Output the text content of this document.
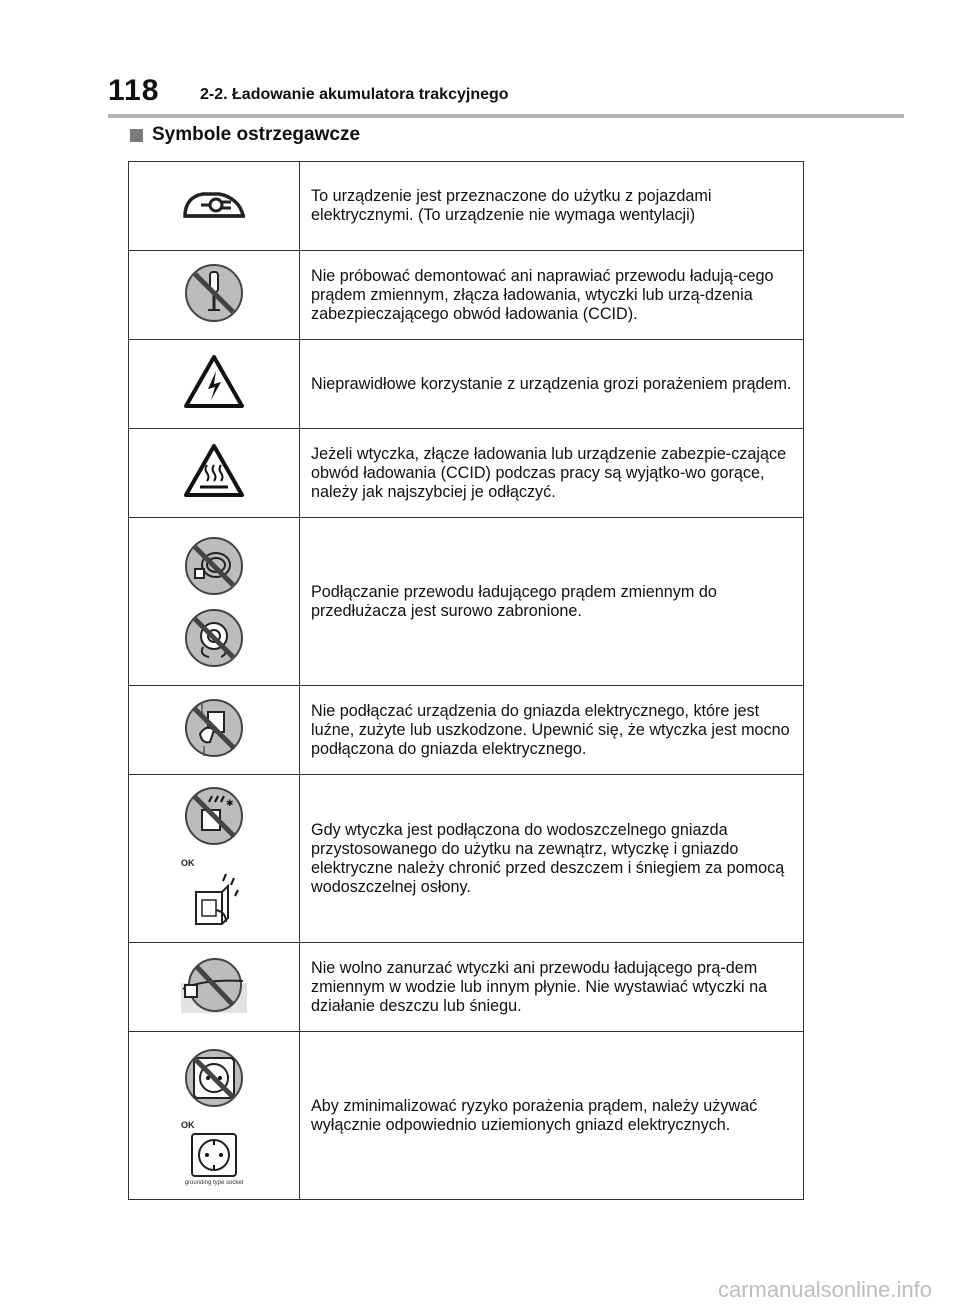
118	2-2. Ładowanie akumulatora trakcyjnego
Symbole ostrzegawcze
	To urządzenie jest przeznaczone do użytku z pojazdami elektrycznymi. (To urządzenie nie wymaga wentylacji)
	Nie próbować demontować ani naprawiać przewodu ładują-cego prądem zmiennym, złącza ładowania, wtyczki lub urzą-dzenia zabezpieczającego obwód ładowania (CCID).
	Nieprawidłowe korzystanie z urządzenia grozi porażeniem prądem.
	Jeżeli wtyczka, złącze ładowania lub urządzenie zabezpie-czające obwód ładowania (CCID) podczas pracy są wyjątko-wo gorące, należy jak najszybciej je odłączyć.

	Podłączanie przewodu ładującego prądem zmiennym do przedłużacza jest surowo zabronione.
	Nie podłączać urządzenia do gniazda elektrycznego, które jest luźne, zużyte lub uszkodzone. Upewnić się, że wtyczka jest mocno podłączona do gniazda elektrycznego.

✱
OK	Gdy wtyczka jest podłączona do wodoszczelnego gniazda przystosowanego do użytku na zewnątrz, wtyczkę i gniazdo elektryczne należy chronić przed deszczem i śniegiem za pomocą wodoszczelnej osłony.
	Nie wolno zanurzać wtyczki ani przewodu ładującego prą-dem zmiennym w wodzie lub innym płynie. Nie wystawiać wtyczki na działanie deszczu lub śniegu.

OK
grounding type socket	Aby zminimalizować ryzyko porażenia prądem, należy używać wyłącznie odpowiednio uziemionych gniazd elektrycznych.
carmanualsonline.info
